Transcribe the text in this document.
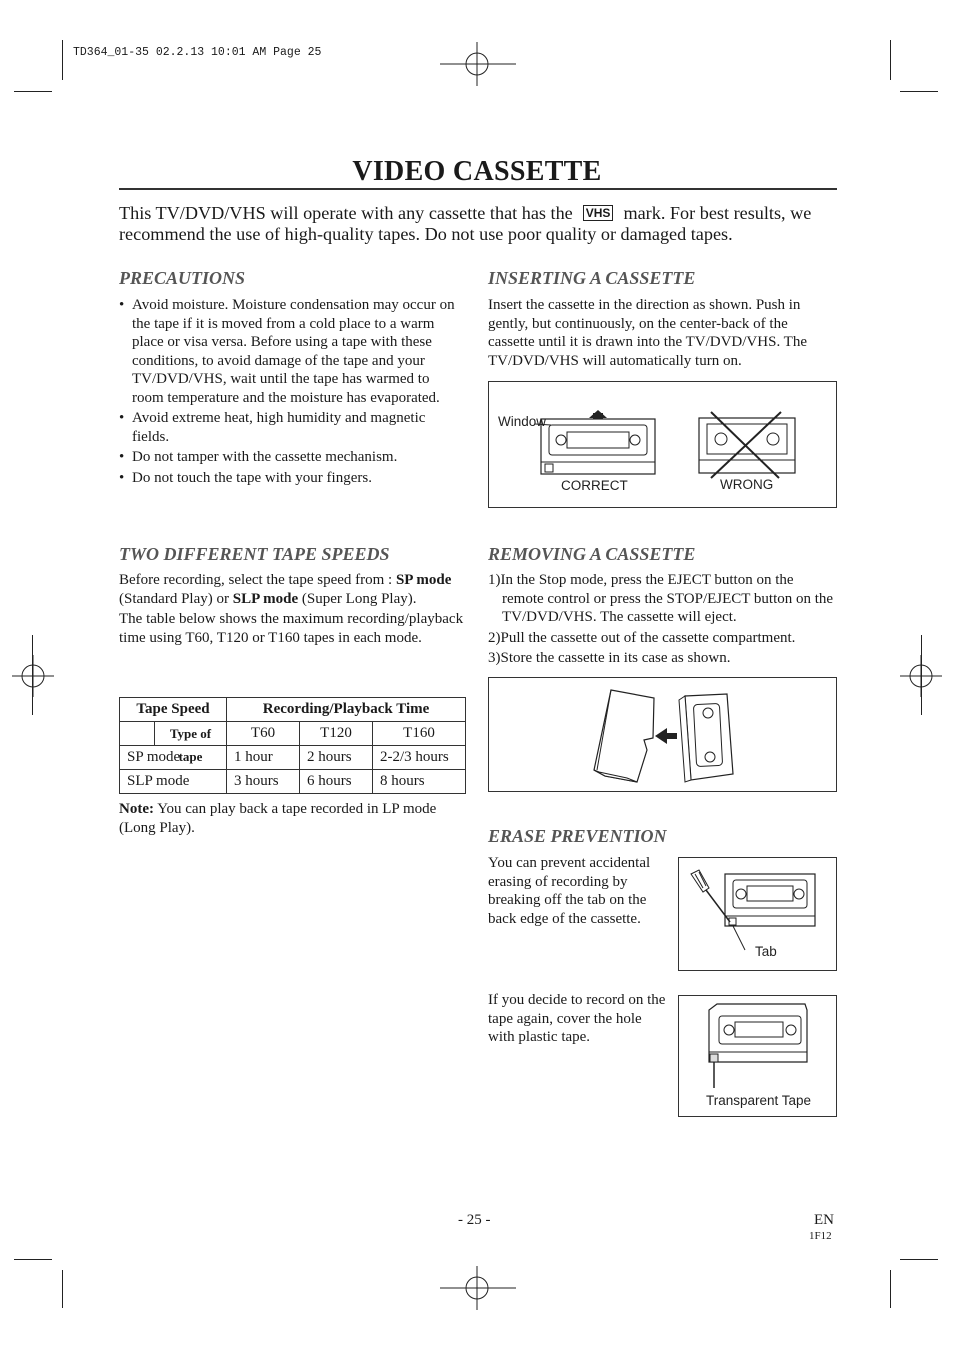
TD364_01-35 02.2.13 10:01 AM Page 25
VIDEO CASSETTE
This TV/DVD/VHS will operate with any cassette that has the VHS mark. For best results, we recommend the use of high-quality tapes. Do not use poor quality or damaged tapes.
PRECAUTIONS
• Avoid moisture. Moisture condensation may occur on the tape if it is moved from a cold place to a warm place or visa versa. Before using a tape with these conditions, to avoid damage of the tape and your TV/DVD/VHS, wait until the tape has warmed to room temperature and the moisture has evaporated.
• Avoid extreme heat, high humidity and magnetic fields.
• Do not tamper with the cassette mechanism.
• Do not touch the tape with your fingers.
INSERTING A CASSETTE
Insert the cassette in the direction as shown. Push in gently, but continuously, on the center-back of the cassette until it is drawn into the TV/DVD/VHS. The TV/DVD/VHS will automatically turn on.
Window
CORRECT	WRONG
TWO DIFFERENT TAPE SPEEDS
Before recording, select the tape speed from : SP mode (Standard Play) or SLP mode (Super Long Play).
The table below shows the maximum recording/playback time using T60, T120 or T160 tapes in each mode.
Tape Speed	Recording/Playback Time		

Type of tape	T60	T120	T160
SP mode	1 hour	2 hours	2-2/3 hours
SLP mode	3 hours	6 hours	8 hours
Note: You can play back a tape recorded in LP mode (Long Play).
REMOVING A CASSETTE
1)In the Stop mode, press the EJECT button on the remote control or press the STOP/EJECT button on the TV/DVD/VHS. The cassette will eject.
2)Pull the cassette out of the cassette compartment.
3)Store the cassette in its case as shown.
ERASE PREVENTION
You can prevent accidental erasing of recording by breaking off the tab on the back edge of the cassette.
Tab
If you decide to record on the tape again, cover the hole with plastic tape.
Transparent Tape
- 25 -	EN
1F12
